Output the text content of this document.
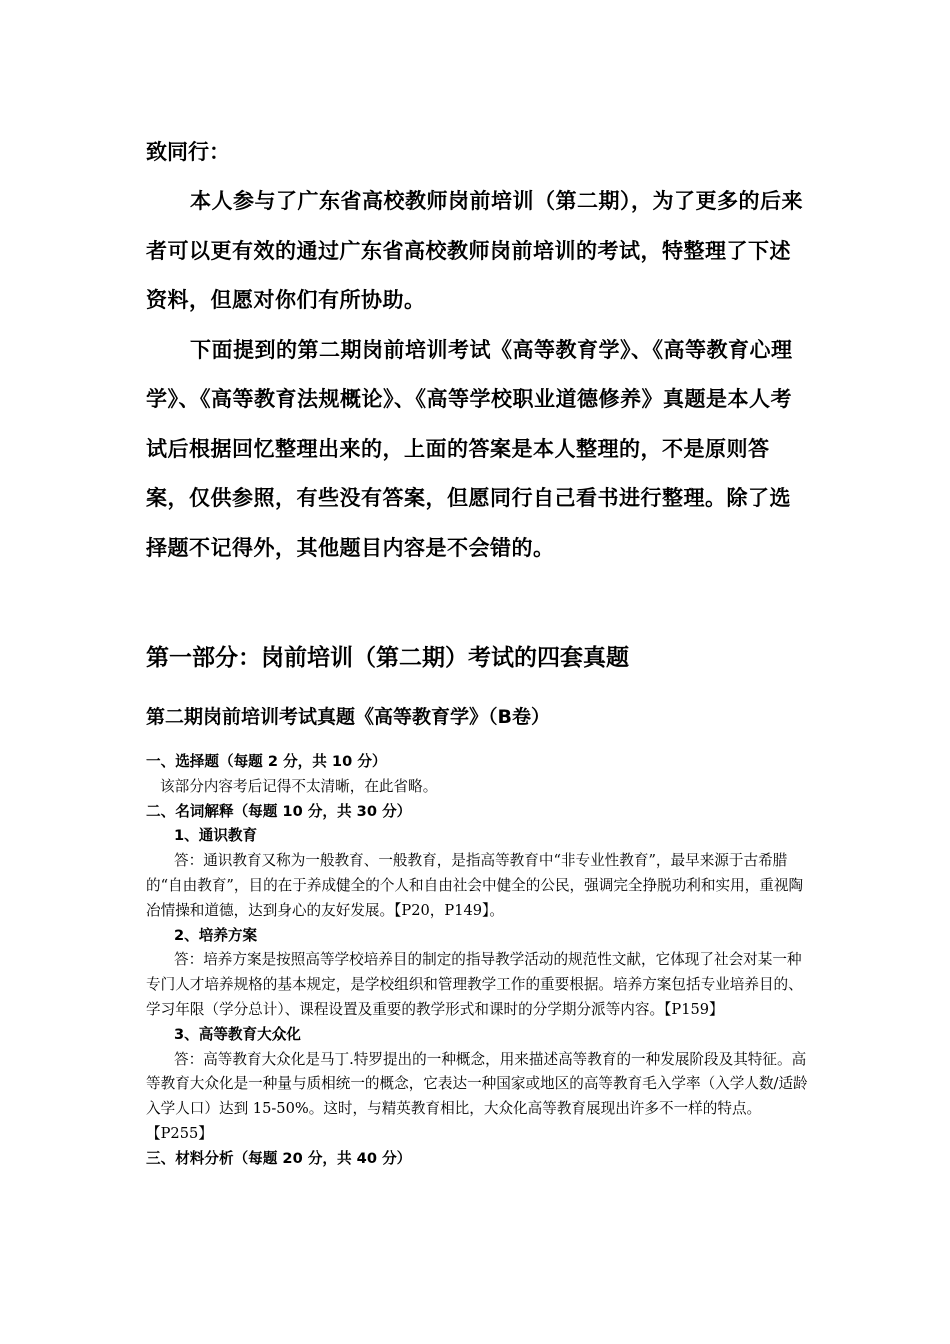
致同行：

本人参与了广东省高校教师岗前培训（第二期），为了更多的后来者可以更有效的通过广东省高校教师岗前培训的考试，特整理了下述资料，但愿对你们有所协助。

下面提到的第二期岗前培训考试《高等教育学》、《高等教育心理学》、《高等教育法规概论》、《高等学校职业道德修养》真题是本人考试后根据回忆整理出来的，上面的答案是本人整理的，不是原则答案，仅供参照，有些没有答案，但愿同行自己看书进行整理。除了选择题不记得外，其他题目内容是不会错的。

第一部分：岗前培训（第二期）考试的四套真题
第二期岗前培训考试真题《高等教育学》（B卷）

一、选择题（每题 2 分，共 10 分）

该部分内容考后记得不太清晰，在此省略。

二、名词解释（每题 10 分，共 30 分）

1、通识教育

答：通识教育又称为一般教育、一般教育，是指高等教育中“非专业性教育”，最早来源于古希腊的“自由教育”，目的在于养成健全的个人和自由社会中健全的公民，强调完全挣脱功利和实用，重视陶冶情操和道德，达到身心的友好发展。【P20，P149】。

2、培养方案

答：培养方案是按照高等学校培养目的制定的指导教学活动的规范性文献，它体现了社会对某一种专门人才培养规格的基本规定，是学校组织和管理教学工作的重要根据。培养方案包括专业培养目的、学习年限（学分总计）、课程设置及重要的教学形式和课时的分学期分派等内容。【P159】

3、高等教育大众化

答：高等教育大众化是马丁.特罗提出的一种概念，用来描述高等教育的一种发展阶段及其特征。高等教育大众化是一种量与质相统一的概念，它表达一种国家或地区的高等教育毛入学率（入学人数/适龄入学人口）达到 15-50%。这时，与精英教育相比，大众化高等教育展现出许多不一样的特点。【P255】

三、材料分析（每题 20 分，共 40 分）
